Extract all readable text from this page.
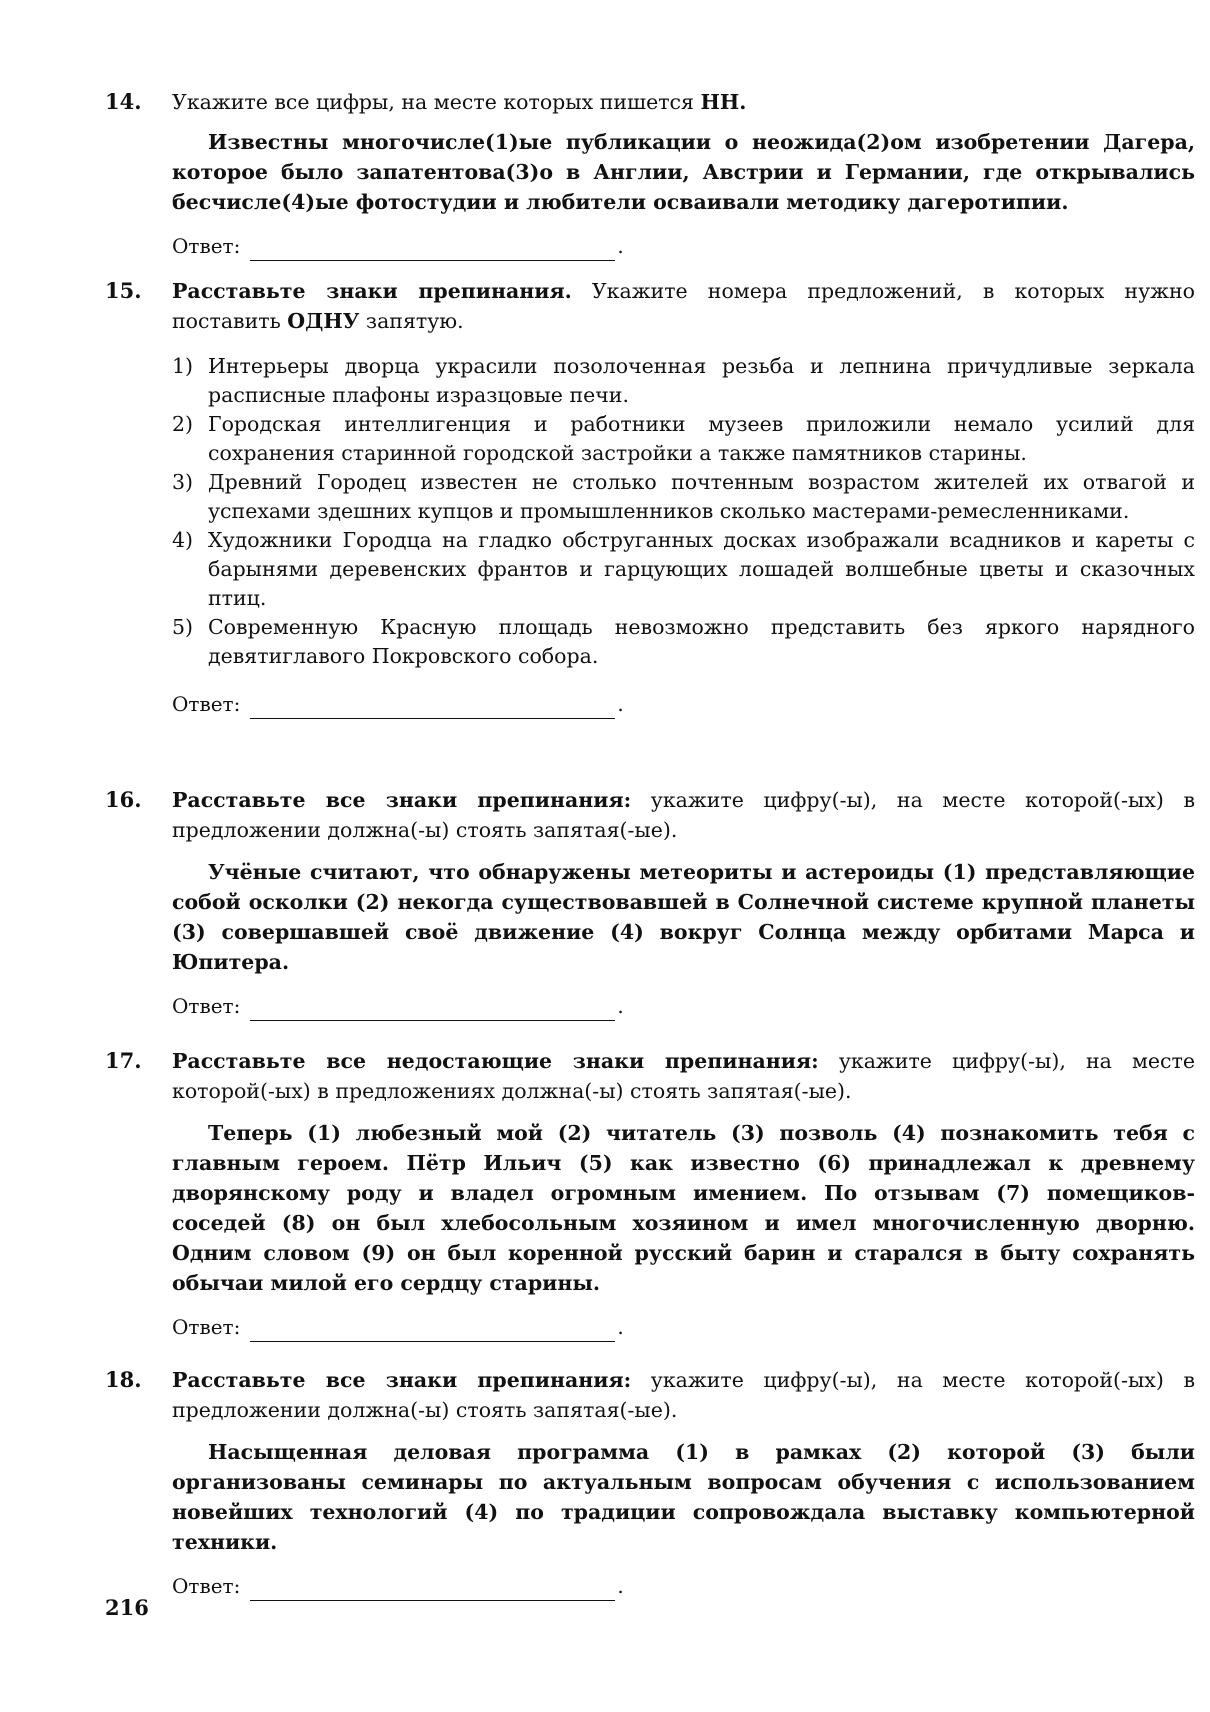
14.	Укажите все цифры, на месте которых пишется НН.
Известны многочисле(1)ые публикации о неожида(2)ом изобретении Дагера, которое было запатентова(3)о в Англии, Австрии и Германии, где открывались бесчисле(4)ые фотостудии и любители осваивали методику дагеротипии.
Ответ:	.
15.	Расставьте знаки препинания. Укажите номера предложений, в которых нужно поставить ОДНУ запятую.
1) Интерьеры дворца украсили позолоченная резьба и лепнина причудливые зеркала расписные плафоны изразцовые печи.
2) Городская интеллигенция и работники музеев приложили немало усилий для сохранения старинной городской застройки а также памятников старины.
3) Древний Городец известен не столько почтенным возрастом жителей их отвагой и успехами здешних купцов и промышленников сколько мастерами-ремесленниками.
4) Художники Городца на гладко обструганных досках изображали всадников и кареты с барынями деревенских франтов и гарцующих лошадей волшебные цветы и сказочных птиц.
5) Современную Красную площадь невозможно представить без яркого нарядного девятиглавого Покровского собора.
Ответ:	.
16.	Расставьте все знаки препинания: укажите цифру(-ы), на месте которой(-ых) в предложении должна(-ы) стоять запятая(-ые).
Учёные считают, что обнаружены метеориты и астероиды (1) представляющие собой осколки (2) некогда существовавшей в Солнечной системе крупной планеты (3) совершавшей своё движение (4) вокруг Солнца между орбитами Марса и Юпитера.
Ответ:	.
17.	Расставьте все недостающие знаки препинания: укажите цифру(-ы), на месте которой(-ых) в предложениях должна(-ы) стоять запятая(-ые).
Теперь (1) любезный мой (2) читатель (3) позволь (4) познакомить тебя с главным героем. Пётр Ильич (5) как известно (6) принадлежал к древнему дворянскому роду и владел огромным имением. По отзывам (7) помещиков-соседей (8) он был хлебосольным хозяином и имел многочисленную дворню. Одним словом (9) он был коренной русский барин и старался в быту сохранять обычаи милой его сердцу старины.
Ответ:	.
18.	Расставьте все знаки препинания: укажите цифру(-ы), на месте которой(-ых) в предложении должна(-ы) стоять запятая(-ые).
Насыщенная деловая программа (1) в рамках (2) которой (3) были организованы семинары по актуальным вопросам обучения с использованием новейших технологий (4) по традиции сопровождала выставку компьютерной техники.
Ответ:	.
216
